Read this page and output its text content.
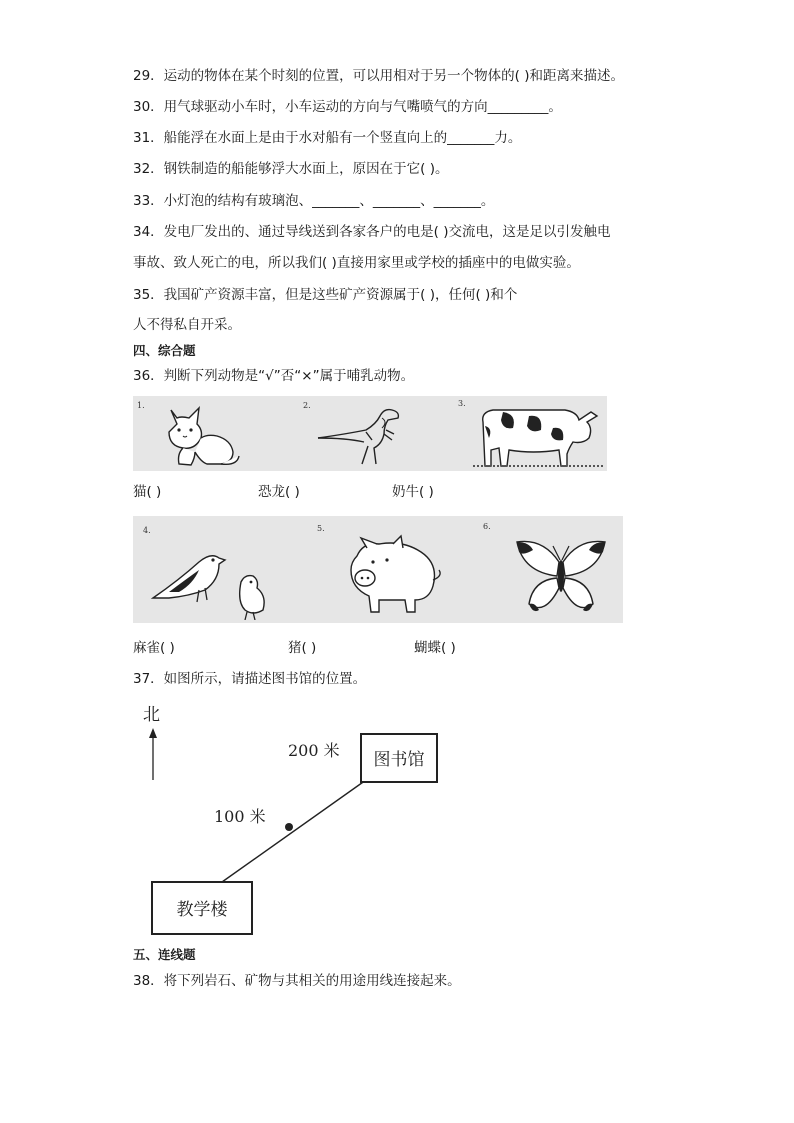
29．运动的物体在某个时刻的位置，可以用相对于另一个物体的( )和距离来描述。
30．用气球驱动小车时，小车运动的方向与气嘴喷气的方向_________。
31．船能浮在水面上是由于水对船有一个竖直向上的_______力。
32．钢铁制造的船能够浮大水面上，原因在于它( )。
33．小灯泡的结构有玻璃泡、_______、_______、_______。
34．发电厂发出的、通过导线送到各家各户的电是( )交流电，这是足以引发触电
事故、致人死亡的电，所以我们( )直接用家里或学校的插座中的电做实验。
35．我国矿产资源丰富，但是这些矿产资源属于( )，任何( )和个
人不得私自开采。
四、综合题
36．判断下列动物是“√”否“×”属于哺乳动物。
1.	2.	3.
猫( )	恐龙( )	奶牛( )
4.	5.	6.
麻雀( )	猪( )	蝴蝶( )
37．如图所示，请描述图书馆的位置。
北
200 米
100 米
图书馆
教学楼
五、连线题
38．将下列岩石、矿物与其相关的用途用线连接起来。
